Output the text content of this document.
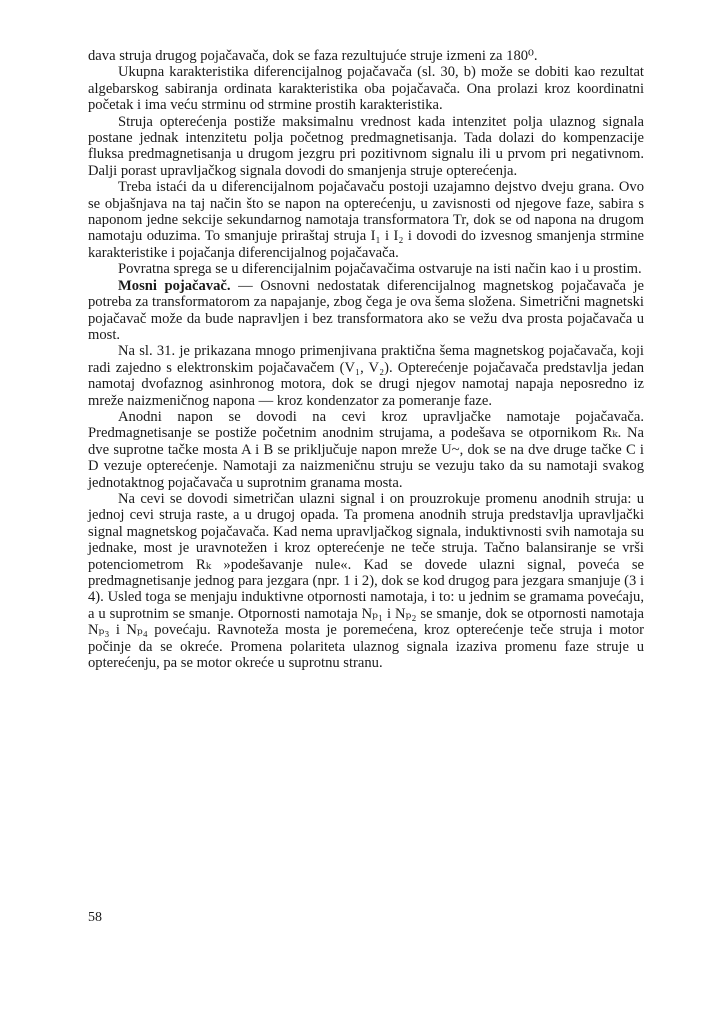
dava struja drugog pojačavača, dok se faza rezultujuće struje izmeni za 180⁰.

Ukupna karakteristika diferencijalnog pojačavača (sl. 30, b) može se dobiti kao rezultat algebarskog sabiranja ordinata karakteristika oba pojačavača. Ona prolazi kroz koordinatni početak i ima veću strminu od strmine prostih karakteristika.

Struja opterećenja postiže maksimalnu vrednost kada intenzitet polja ulaznog signala postane jednak intenzitetu polja početnog predmagnetisanja. Tada dolazi do kompenzacije fluksa predmagnetisanja u drugom jezgru pri pozitivnom signalu ili u prvom pri negativnom. Dalji porast upravljačkog signala dovodi do smanjenja struje opterećenja.

Treba istaći da u diferencijalnom pojačavaču postoji uzajamno dejstvo dveju grana. Ovo se objašnjava na taj način što se napon na opterećenju, u zavisnosti od njegove faze, sabira s naponom jedne sekcije sekundarnog namotaja transformatora Tr, dok se od napona na drugom namotaju oduzima. To smanjuje priraštaj struja I₁ i I₂ i dovodi do izvesnog smanjenja strmine karakteristike i pojačanja diferencijalnog pojačavača.

Povratna sprega se u diferencijalnim pojačavačima ostvaruje na isti način kao i u prostim.

Mosni pojačavač. — Osnovni nedostatak diferencijalnog magnetskog pojačavača je potreba za transformatorom za napajanje, zbog čega je ova šema složena. Simetrični magnetski pojačavač može da bude napravljen i bez transformatora ako se vežu dva prosta pojačavača u most.

Na sl. 31. je prikazana mnogo primenjivana praktična šema magnetskog pojačavača, koji radi zajedno s elektronskim pojačavačem (V₁, V₂). Opterećenje pojačavača predstavlja jedan namotaj dvofaznog asinhronog motora, dok se drugi njegov namotaj napaja neposredno iz mreže naizmeničnog napona — kroz kondenzator za pomeranje faze.

Anodni napon se dovodi na cevi kroz upravljačke namotaje pojačavača. Predmagnetisanje se postiže početnim anodnim strujama, a podešava se otpornikom Rₖ. Na dve suprotne tačke mosta A i B se priključuje napon mreže U~, dok se na dve druge tačke C i D vezuje opterećenje. Namotaji za naizmeničnu struju se vezuju tako da su namotaji svakog jednotaktnog pojačavača u suprotnim granama mosta.

Na cevi se dovodi simetričan ulazni signal i on prouzrokuje promenu anodnih struja: u jednoj cevi struja raste, a u drugoj opada. Ta promena anodnih struja predstavlja upravljački signal magnetskog pojačavača. Kad nema upravljačkog signala, induktivnosti svih namotaja su jednake, most je uravnotežen i kroz opterećenje ne teče struja. Tačno balansiranje se vrši potenciometrom Rₖ »podešavanje nule«. Kad se dovede ulazni signal, poveća se predmagnetisanje jednog para jezgara (npr. 1 i 2), dok se kod drugog para jezgara smanjuje (3 i 4). Usled toga se menjaju induktivne otpornosti namotaja, i to: u jednim se gramama povećaju, a u suprotnim se smanje. Otpornosti namotaja Nₚ₁ i Nₚ₂ se smanje, dok se otpornosti namotaja Nₚ₃ i Nₚ₄ povećaju. Ravnoteža mosta je poremećena, kroz opterećenje teče struja i motor počinje da se okreće. Promena polariteta ulaznog signala izaziva promenu faze struje u opterećenju, pa se motor okreće u suprotnu stranu.

58
